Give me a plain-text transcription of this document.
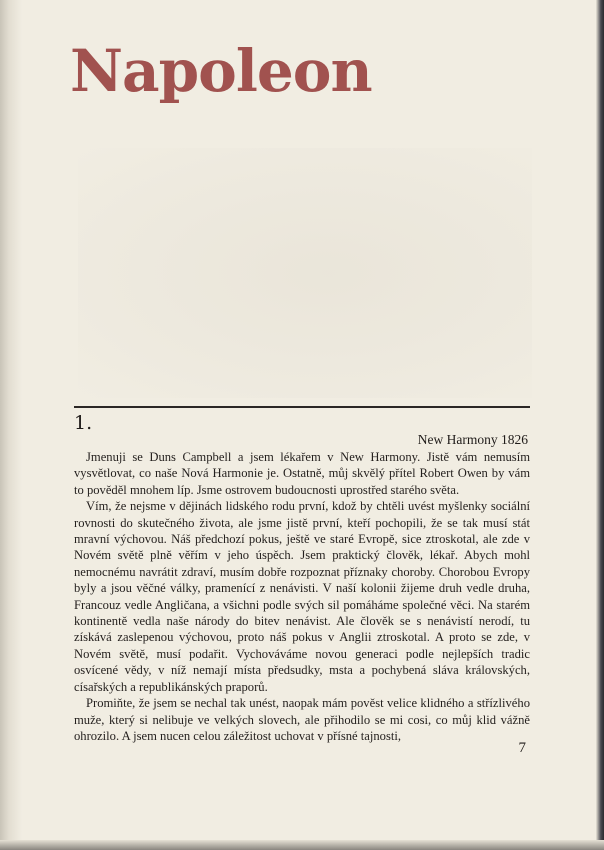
Napoleon
1.
New Harmony 1826

Jmenuji se Duns Campbell a jsem lékařem v New Harmony. Jistě vám nemusím vysvětlovat, co naše Nová Harmonie je. Ostatně, můj skvělý přítel Robert Owen by vám to pověděl mnohem líp. Jsme ostrovem budoucnosti uprostřed starého světa.

Vím, že nejsme v dějinách lidského rodu první, kdož by chtěli uvést myšlenky sociální rovnosti do skutečného života, ale jsme jistě první, kteří pochopili, že se tak musí stát mravní výchovou. Náš předchozí pokus, ještě ve staré Evropě, sice ztroskotal, ale zde v Novém světě plně věřím v jeho úspěch. Jsem praktický člověk, lékař. Abych mohl nemocnému navrátit zdraví, musím dobře rozpoznat příznaky choroby. Chorobou Evropy byly a jsou věčné války, pramenící z nenávisti. V naší kolonii žijeme druh vedle druha, Francouz vedle Angličana, a všichni podle svých sil pomáháme společné věci. Na starém kontinentě vedla naše národy do bitev nenávist. Ale člověk se s nenávistí nerodí, tu získává zaslepenou výchovou, proto náš pokus v Anglii ztroskotal. A proto se zde, v Novém světě, musí podařit. Vychováváme novou generaci podle nejlepších tradic osvícené vědy, v níž nemají místa předsudky, msta a pochybená sláva královských, císařských a republikánských praporů.

Promiňte, že jsem se nechal tak unést, naopak mám pověst velice klidného a střízlivého muže, který si nelibuje ve velkých slovech, ale přihodilo se mi cosi, co můj klid vážně ohrozilo. A jsem nucen celou záležitost uchovat v přísné tajnosti,

7
